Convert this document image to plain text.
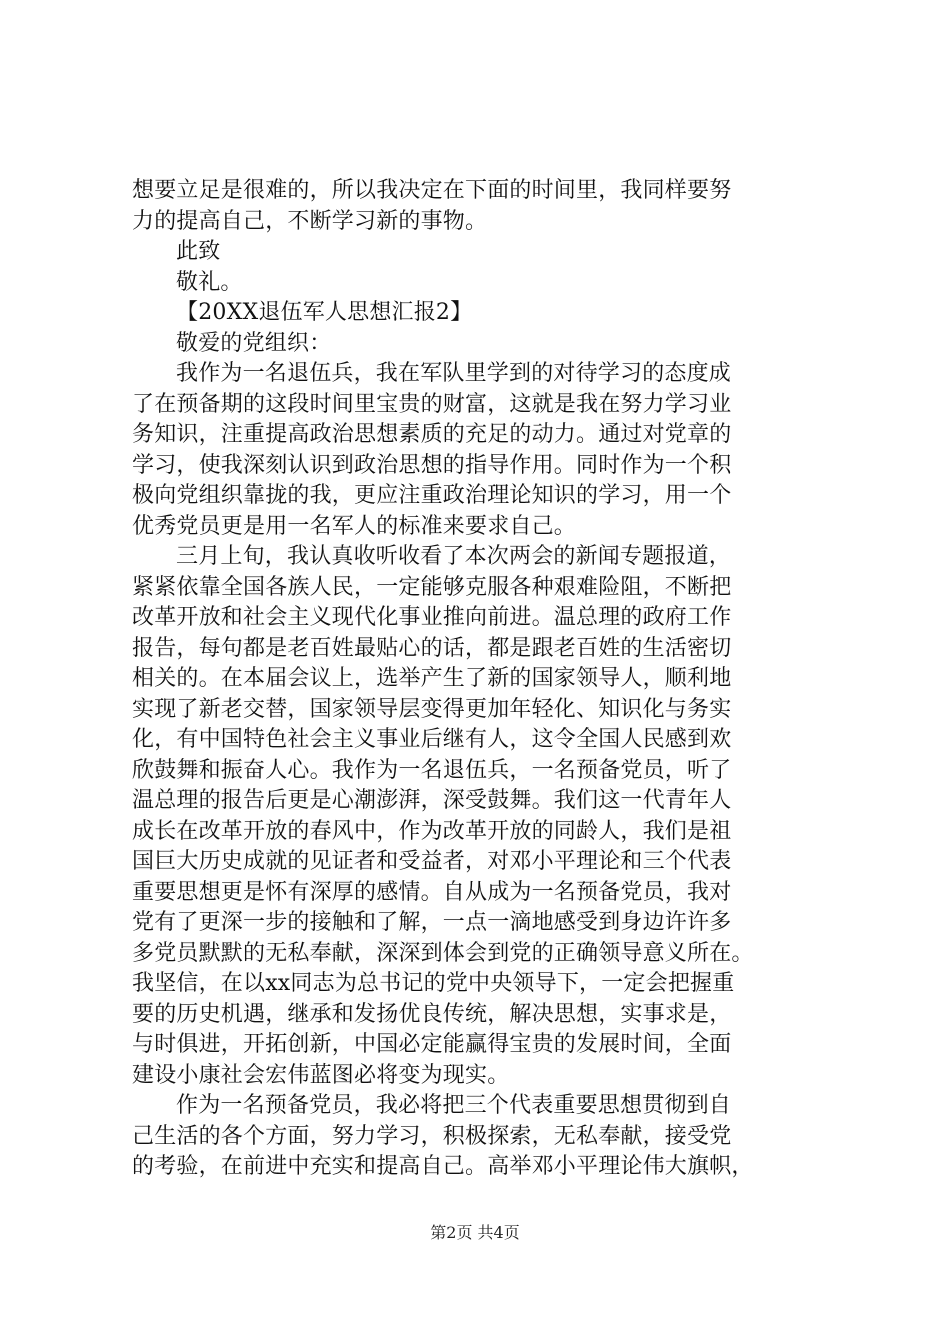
想要立足是很难的，所以我决定在下面的时间里，我同样要努
力的提高自己，不断学习新的事物。
此致
敬礼。
【20XX退伍军人思想汇报2】
敬爱的党组织：
我作为一名退伍兵，我在军队里学到的对待学习的态度成
了在预备期的这段时间里宝贵的财富，这就是我在努力学习业
务知识，注重提高政治思想素质的充足的动力。通过对党章的
学习，使我深刻认识到政治思想的指导作用。同时作为一个积
极向党组织靠拢的我，更应注重政治理论知识的学习，用一个
优秀党员更是用一名军人的标准来要求自己。
三月上旬，我认真收听收看了本次两会的新闻专题报道，
紧紧依靠全国各族人民，一定能够克服各种艰难险阻，不断把
改革开放和社会主义现代化事业推向前进。温总理的政府工作
报告，每句都是老百姓最贴心的话，都是跟老百姓的生活密切
相关的。在本届会议上，选举产生了新的国家领导人，顺利地
实现了新老交替，国家领导层变得更加年轻化、知识化与务实
化，有中国特色社会主义事业后继有人，这令全国人民感到欢
欣鼓舞和振奋人心。我作为一名退伍兵，一名预备党员，听了
温总理的报告后更是心潮澎湃，深受鼓舞。我们这一代青年人
成长在改革开放的春风中，作为改革开放的同龄人，我们是祖
国巨大历史成就的见证者和受益者，对邓小平理论和三个代表
重要思想更是怀有深厚的感情。自从成为一名预备党员，我对
党有了更深一步的接触和了解，一点一滴地感受到身边许许多
多党员默默的无私奉献，深深到体会到党的正确领导意义所在。
我坚信，在以xx同志为总书记的党中央领导下，一定会把握重
要的历史机遇，继承和发扬优良传统，解决思想，实事求是，
与时俱进，开拓创新，中国必定能赢得宝贵的发展时间，全面
建设小康社会宏伟蓝图必将变为现实。
作为一名预备党员，我必将把三个代表重要思想贯彻到自
己生活的各个方面，努力学习，积极探索，无私奉献，接受党
的考验，在前进中充实和提高自己。高举邓小平理论伟大旗帜，
第2页 共4页
